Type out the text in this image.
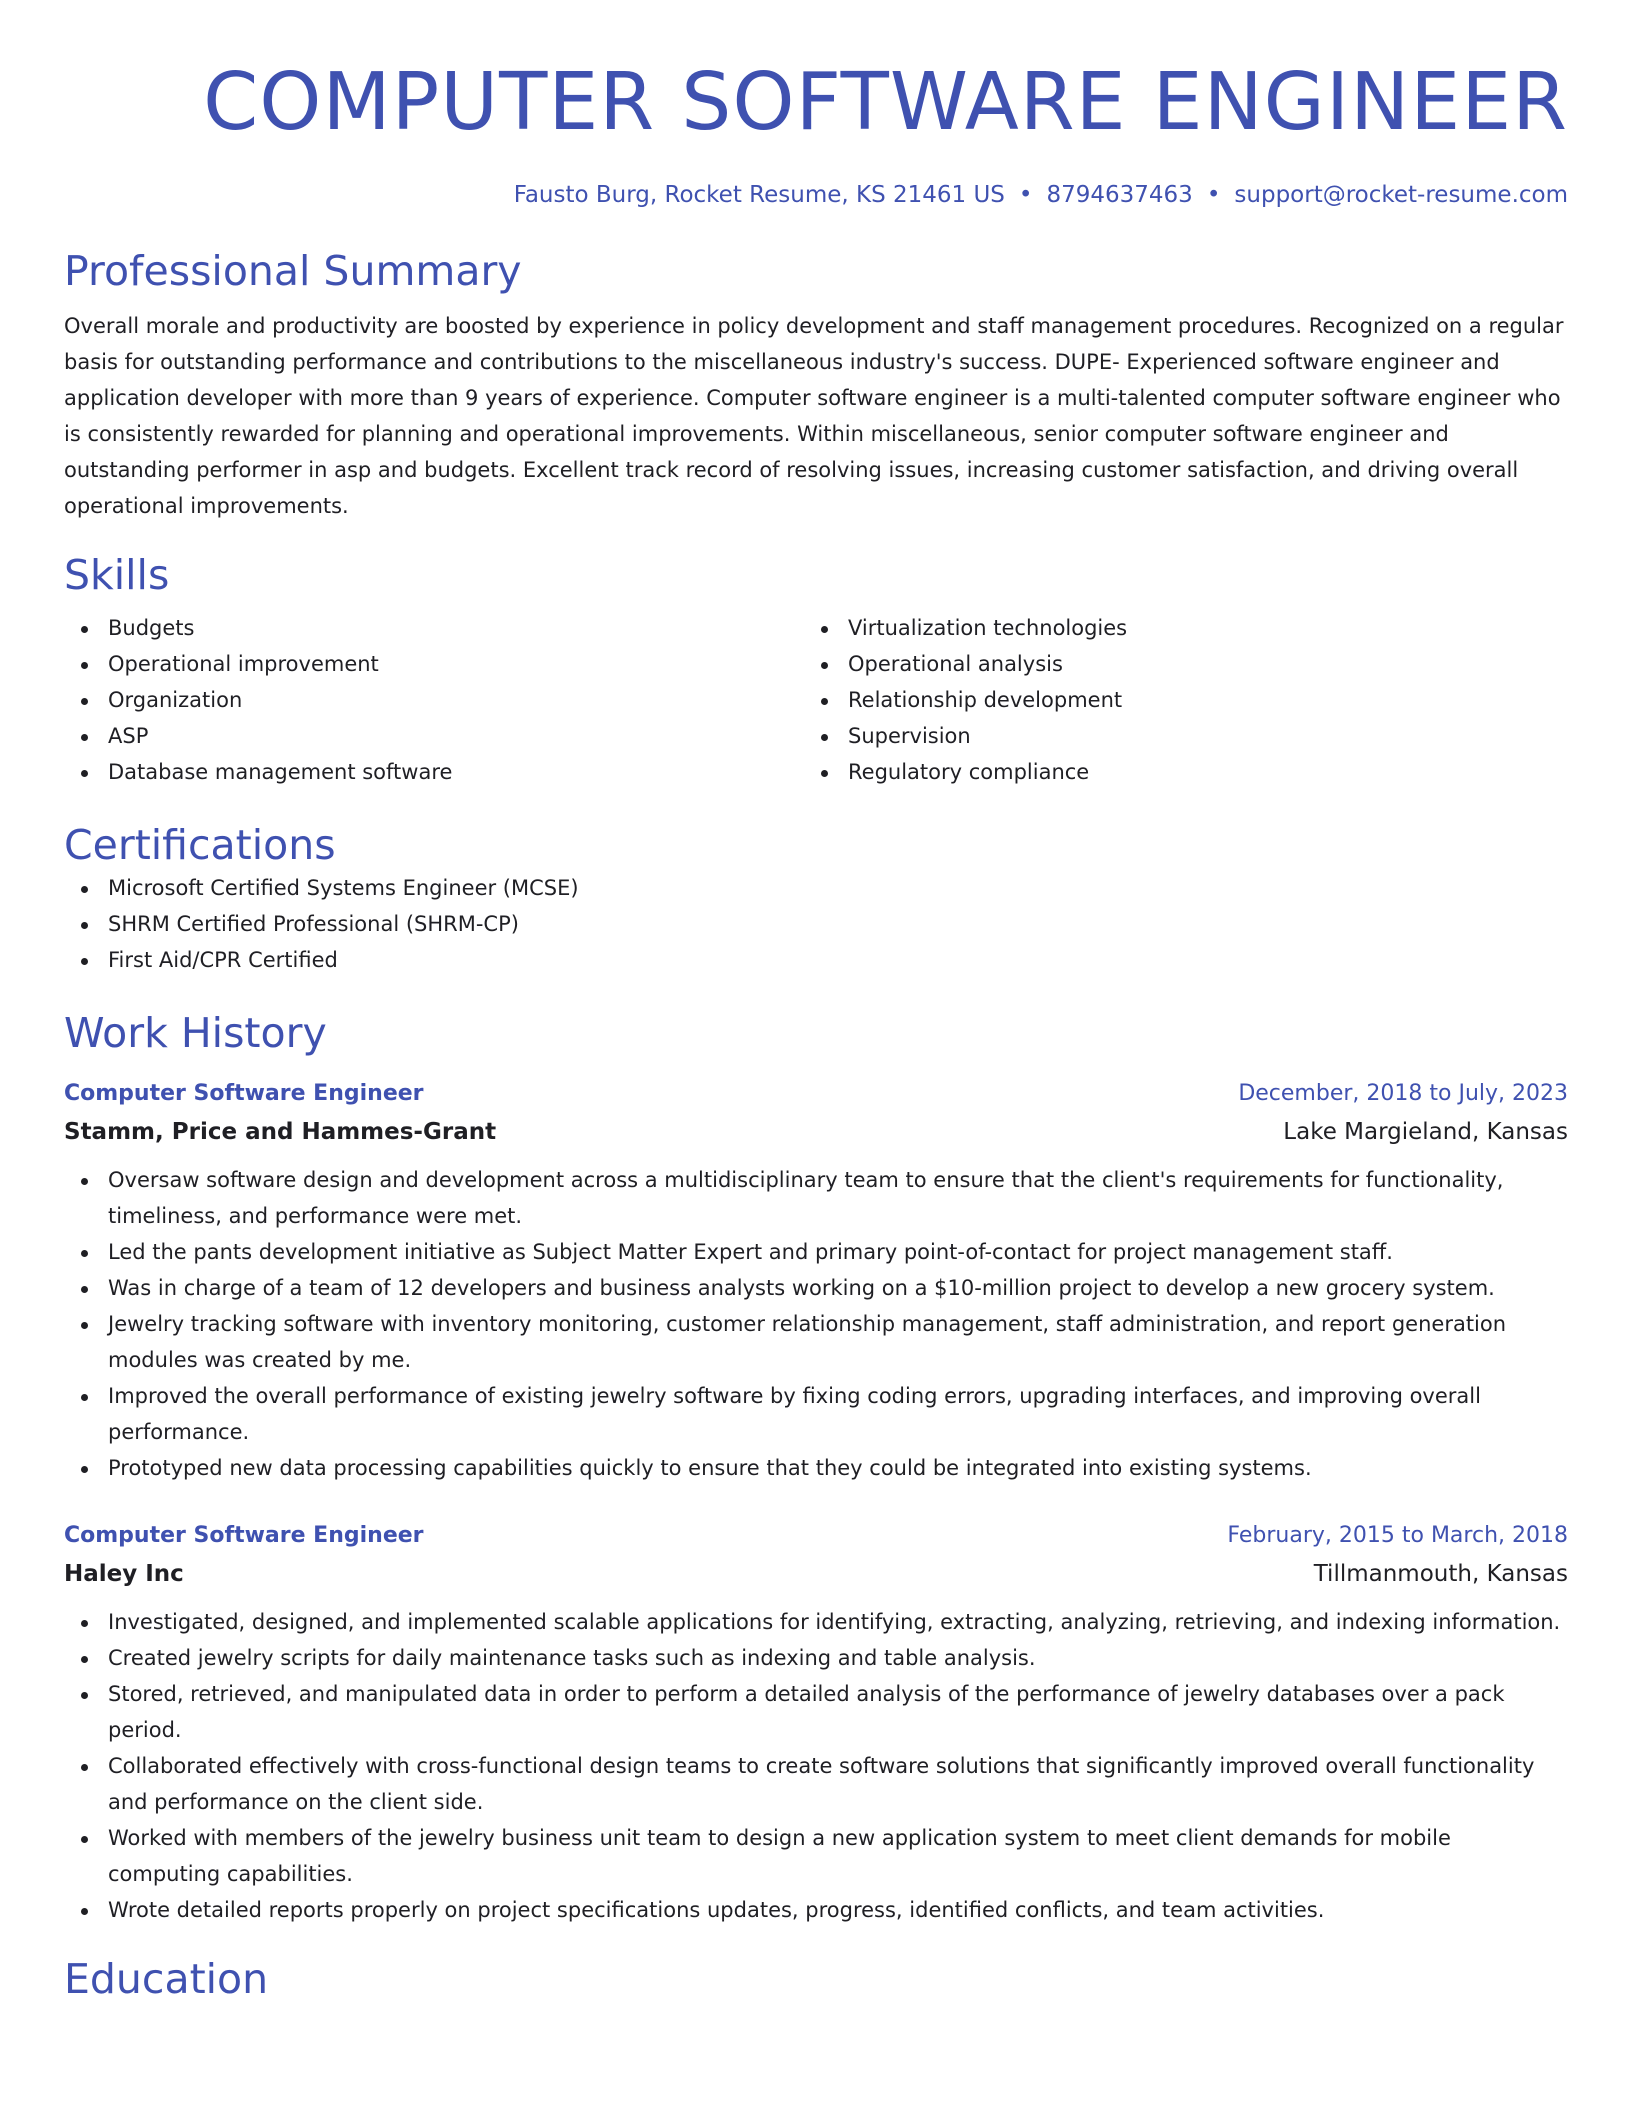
COMPUTER SOFTWARE ENGINEER
Fausto Burg, Rocket Resume, KS 21461 US • 8794637463 • support@rocket-resume.com
Professional Summary
Overall morale and productivity are boosted by experience in policy development and staff management procedures. Recognized on a regular basis for outstanding performance and contributions to the miscellaneous industry's success. DUPE- Experienced software engineer and application developer with more than 9 years of experience. Computer software engineer is a multi-talented computer software engineer who is consistently rewarded for planning and operational improvements. Within miscellaneous, senior computer software engineer and outstanding performer in asp and budgets. Excellent track record of resolving issues, increasing customer satisfaction, and driving overall operational improvements.
Skills
Budgets
Operational improvement
Organization
ASP
Database management software
Virtualization technologies
Operational analysis
Relationship development
Supervision
Regulatory compliance
Certifications
Microsoft Certified Systems Engineer (MCSE)
SHRM Certified Professional (SHRM-CP)
First Aid/CPR Certified
Work History
Computer Software Engineer	December, 2018 to July, 2023
Stamm, Price and Hammes-Grant	Lake Margieland, Kansas
Oversaw software design and development across a multidisciplinary team to ensure that the client's requirements for functionality, timeliness, and performance were met.
Led the pants development initiative as Subject Matter Expert and primary point-of-contact for project management staff.
Was in charge of a team of 12 developers and business analysts working on a $10-million project to develop a new grocery system.
Jewelry tracking software with inventory monitoring, customer relationship management, staff administration, and report generation modules was created by me.
Improved the overall performance of existing jewelry software by fixing coding errors, upgrading interfaces, and improving overall performance.
Prototyped new data processing capabilities quickly to ensure that they could be integrated into existing systems.
Computer Software Engineer	February, 2015 to March, 2018
Haley Inc	Tillmanmouth, Kansas
Investigated, designed, and implemented scalable applications for identifying, extracting, analyzing, retrieving, and indexing information.
Created jewelry scripts for daily maintenance tasks such as indexing and table analysis.
Stored, retrieved, and manipulated data in order to perform a detailed analysis of the performance of jewelry databases over a pack period.
Collaborated effectively with cross-functional design teams to create software solutions that significantly improved overall functionality and performance on the client side.
Worked with members of the jewelry business unit team to design a new application system to meet client demands for mobile computing capabilities.
Wrote detailed reports properly on project specifications updates, progress, identified conflicts, and team activities.
Education
